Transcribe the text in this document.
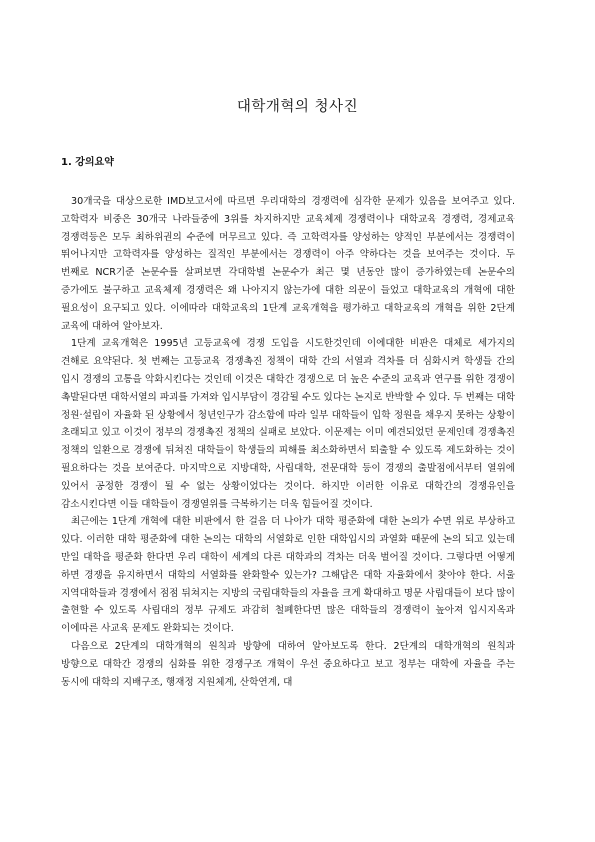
대학개혁의 청사진
1. 강의요약

30개국을 대상으로한 IMD보고서에 따르면 우리대학의 경쟁력에 심각한 문제가 있음을 보여주고 있다. 고학력자 비중은 30개국 나라들중에 3위를 차지하지만 교육체제 경쟁력이나 대학교육 경쟁력, 경제교육 경쟁력등은 모두 최하위권의 수준에 머무르고 있다. 즉 고학력자를 양성하는 양적인 부분에서는 경쟁력이 뛰어나지만 고학력자를 양성하는 질적인 부분에서는 경쟁력이 아주 약하다는 것을 보여주는 것이다. 두 번째로 NCR기준 논문수를 살펴보면 각대학별 논문수가 최근 몇 년동안 많이 증가하였는데 논문수의 증가에도 불구하고 교육체제 경쟁력은 왜 나아지지 않는가에 대한 의문이 들었고 대학교육의 개혁에 대한 필요성이 요구되고 있다. 이에따라 대학교육의 1단계 교육개혁을 평가하고 대학교육의 개혁을 위한 2단계 교육에 대하여 알아보자.

1단계 교육개혁은 1995년 고등교육에 경쟁 도입을 시도한것인데 이에대한 비판은 대체로 세가지의 견해로 요약된다. 첫 번째는 고등교육 경쟁촉진 정책이 대학 간의 서열과 격차를 더 심화시켜 학생들 간의 입시 경쟁의 고통을 악화시킨다는 것인데 이것은 대학간 경쟁으로 더 높은 수준의 교육과 연구를 위한 경쟁이 촉발된다면 대학서열의 파괴를 가져와 입시부담이 경감될 수도 있다는 논지로 반박할 수 있다. 두 번째는 대학 정원·설립이 자율화 된 상황에서 청년인구가 감소함에 따라 일부 대학들이 입학 정원을 채우지 못하는 상황이 초래되고 있고 이것이 정부의 경쟁촉진 정책의 실패로 보았다. 이문제는 이미 예견되었던 문제인데 경쟁촉진 정책의 일환으로 경쟁에 뒤쳐진 대학들이 학생들의 피해를 최소화하면서 퇴출할 수 있도록 제도화하는 것이 필요하다는 것을 보여준다. 마지막으로 지방대학, 사립대학, 전문대학 등이 경쟁의 출발점에서부터 열위에 있어서 공정한 경쟁이 될 수 없는 상황이었다는 것이다. 하지만 이러한 이유로 대학간의 경쟁유인을 감소시킨다면 이들 대학들이 경쟁열위를 극복하기는 더욱 힘들어질 것이다.

최근에는 1단계 개혁에 대한 비판에서 한 걸음 더 나아가 대학 평준화에 대한 논의가 수면 위로 부상하고 있다. 이러한 대학 평준화에 대한 논의는 대학의 서열화로 인한 대학입시의 과열화 때문에 논의 되고 있는데 만일 대학을 평준화 한다면 우리 대학이 세계의 다른 대학과의 격차는 더욱 벌어질 것이다. 그렇다면 어떻게 하면 경쟁을 유지하면서 대학의 서열화를 완화할수 있는가? 그해답은 대학 자율화에서 찾아야 한다. 서울 지역대학들과 경쟁에서 점점 뒤쳐지는 지방의 국립대학들의 자율을 크게 확대하고 명문 사립대들이 보다 많이 출현할 수 있도록 사립대의 정부 규제도 과감히 철폐한다면 많은 대학들의 경쟁력이 높아져 입시지옥과 이에따른 사교육 문제도 완화되는 것이다.

다음으로 2단계의 대학개혁의 원칙과 방향에 대하여 알아보도록 한다. 2단계의 대학개혁의 원칙과 방향으로 대학간 경쟁의 심화를 위한 경쟁구조 개혁이 우선 중요하다고 보고 정부는 대학에 자율을 주는 동시에 대학의 지배구조, 행재정 지원체계, 산학연계, 대
